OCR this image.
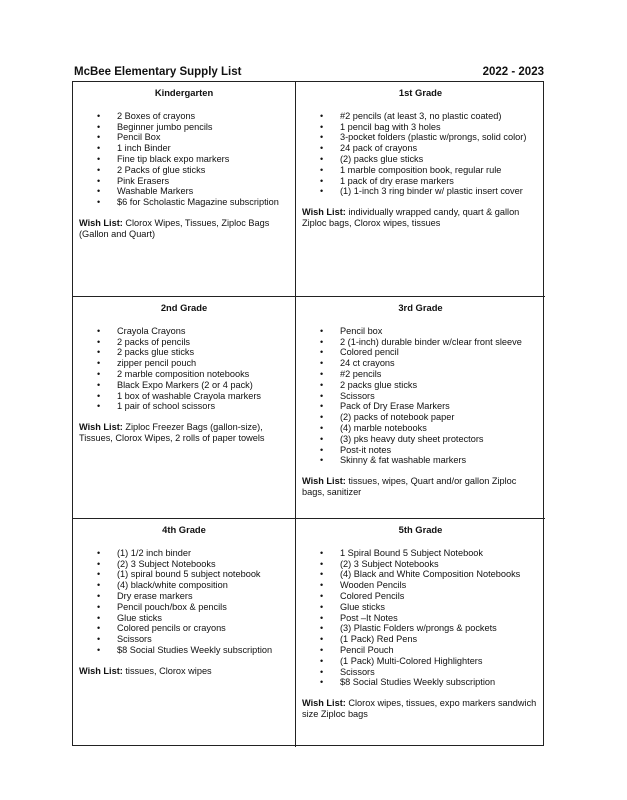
McBee Elementary Supply List	2022 - 2023
Kindergarten
• 2 Boxes of crayons
• Beginner jumbo pencils
• Pencil Box
• 1 inch Binder
• Fine tip black expo markers
• 2 Packs of glue sticks
• Pink Erasers
• Washable Markers
• $6 for Scholastic Magazine subscription

Wish List: Clorox Wipes, Tissues, Ziploc Bags (Gallon and Quart)

1st Grade
• #2 pencils (at least 3, no plastic coated)
• 1 pencil bag with 3 holes
• 3-pocket folders (plastic w/prongs, solid color)
• 24 pack of crayons
• (2) packs glue sticks
• 1 marble composition book, regular rule
• 1 pack of dry erase markers
• (1) 1-inch 3 ring binder w/ plastic insert cover

Wish List: individually wrapped candy, quart & gallon Ziploc bags, Clorox wipes, tissues

2nd Grade
• Crayola Crayons
• 2 packs of pencils
• 2 packs glue sticks
• zipper pencil pouch
• 2 marble composition notebooks
• Black Expo Markers (2 or 4 pack)
• 1 box of washable Crayola markers
• 1 pair of school scissors

Wish List: Ziploc Freezer Bags (gallon-size), Tissues, Clorox Wipes, 2 rolls of paper towels

3rd Grade
• Pencil box
• 2 (1-inch) durable binder w/clear front sleeve
• Colored pencil
• 24 ct crayons
• #2 pencils
• 2 packs glue sticks
• Scissors
• Pack of Dry Erase Markers
• (2) packs of notebook paper
• (4) marble notebooks
• (3) pks heavy duty sheet protectors
• Post-it notes
• Skinny & fat washable markers

Wish List: tissues, wipes, Quart and/or gallon Ziploc bags, sanitizer

4th Grade
• (1) 1/2 inch binder
• (2) 3 Subject Notebooks
• (1) spiral bound 5 subject notebook
• (4) black/white composition
• Dry erase markers
• Pencil pouch/box & pencils
• Glue sticks
• Colored pencils or crayons
• Scissors
• $8 Social Studies Weekly subscription

Wish List: tissues, Clorox wipes

5th Grade
• 1 Spiral Bound 5 Subject Notebook
• (2) 3 Subject Notebooks
• (4) Black and White Composition Notebooks
• Wooden Pencils
• Colored Pencils
• Glue sticks
• Post –It Notes
• (3) Plastic Folders w/prongs & pockets
• (1 Pack) Red Pens
• Pencil Pouch
• (1 Pack) Multi-Colored Highlighters
• Scissors
• $8 Social Studies Weekly subscription

Wish List: Clorox wipes, tissues, expo markers sandwich size Ziploc bags
